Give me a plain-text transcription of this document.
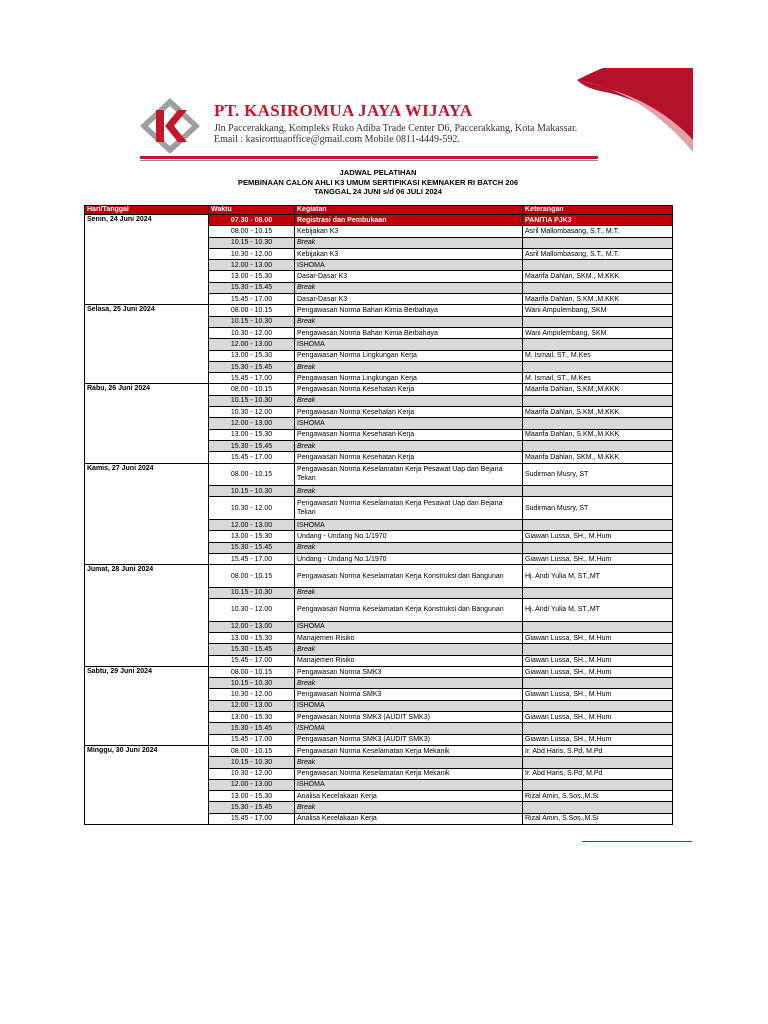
PT. KASIROMUA JAYA WIJAYA
Jln Paccerakkang, Kompleks Ruko Adiba Trade Center D6, Paccerakkang, Kota Makassar.
Email : kasiromuaoffice@gmail.com Mobile 0811-4449-592.
JADWAL PELATIHAN
PEMBINAAN CALON AHLI K3 UMUM SERTIFIKASI KEMNAKER RI BATCH 206
TANGGAL 24 JUNI s/d 06 JULI 2024
Hari/Tanggal	Waktu	Kegiatan	Keterangan
Senin, 24 Juni 2024	07.30 - 08.00	Registrasi dan Pembukaan	PANITIA PJK3
	08.00 - 10.15	Kebijakan K3	Asril Mallombasang, S.T., M.T.
	10.15 - 10.30	Break	
	10.30 - 12.00	Kebijakan K3	Asril Mallombasang, S.T., M.T.
	12.00 - 13.00	ISHOMA	
	13.00 - 15.30	Dasar-Dasar K3	Maarifa Dahlan, SKM., M.KKK
	15.30 - 15.45	Break	
	15.45 - 17.00	Dasar-Dasar K3	Maarifa Dahlan, S.KM.,M.KKK
Selasa, 25 Juni 2024	08.00 - 10.15	Pengawasan Norma Bahan Kimia Berbahaya	Wani Ampulembang, SKM
	10.15 - 10.30	Break	
	10.30 - 12.00	Pengawasan Norma Bahan Kimia Berbahaya	Wani Ampulembang, SKM
	12.00 - 13.00	ISHOMA	
	13.00 - 15.30	Pengawasan Norma Lingkungan Kerja	M. Ismail, ST., M.Kes
	15.30 - 15.45	Break	
	15.45 - 17.00	Pengawasan Norma Lingkungan Kerja	M. Ismail, ST., M.Kes
Rabu, 26 Juni 2024	08.00 - 10.15	Pengawasan Norma Kesehatan Kerja	Maarifa Dahlan, S.KM.,M.KKK
	10.15 - 10.30	Break	
	10.30 - 12.00	Pengawasan Norma Kesehatan Kerja	Maarifa Dahlan, S.KM.,M.KKK
	12.00 - 13.00	ISHOMA	
	13.00 - 15.30	Pengawasan Norma Kesehatan Kerja	Maarifa Dahlan, S.KM.,M.KKK
	15.30 - 15.45	Break	
	15.45 - 17.00	Pengawasan Norma Kesehatan Kerja	Maarifa Dahlan, SKM., M.KKK
Kamis, 27 Juni 2024	08.00 - 10.15	Pengawasan Norma Keselamatan Kerja Pesawat Uap dan Bejana Tekan	Sudirman Musry, ST
	10.15 - 10.30	Break	
	10.30 - 12.00	Pengawasan Norma Keselamatan Kerja Pesawat Uap dan Bejana Tekan	Sudirman Musry, ST
	12.00 - 13.00	ISHOMA	
	13.00 - 15.30	Undang - Undang No.1/1970	Giawan Lussa, SH., M.Hum
	15.30 - 15.45	Break	
	15.45 - 17.00	Undang - Undang No.1/1970	Giawan Lussa, SH., M.Hum
Jumat, 28 Juni 2024	08.00 - 10.15	Pengawasan Norma Keselamatan Kerja Konstruksi dan Bangunan	Hj. Andi Yulia M, ST.,MT
	10.15 - 10.30	Break	
	10.30 - 12.00	Pengawasan Norma Keselamatan Kerja Konstruksi dan Bangunan	Hj. Andi Yulia M, ST.,MT
	12.00 - 13.00	ISHOMA	
	13.00 - 15.30	Manajemen Risiko	Giawan Lussa, SH., M.Hum
	15.30 - 15.45	Break	
	15.45 - 17.00	Manajemen Risiko	Giawan Lussa, SH., M.Hum
Sabtu, 29 Juni 2024	08.00 - 10.15	Pengawasan Norma SMK3	Giawan Lussa, SH., M.Hum
	10.15 - 10.30	Break	
	10.30 - 12.00	Pengawasan Norma SMK3	Giawan Lussa, SH., M.Hum
	12.00 - 13.00	ISHOMA	
	13.00 - 15.30	Pengawasan Norma SMK3 (AUDIT SMK3)	Giawan Lussa, SH., M.Hum
	15.30 - 15.45	ISHOMA	
	15.45 - 17.00	Pengawasan Norma SMK3 (AUDIT SMK3)	Giawan Lussa, SH., M.Hum
Minggu, 30 Juni 2024	08.00 - 10.15	Pengawasan Norma Keselamatan Kerja Mekanik	Ir. Abd Haris, S.Pd, M.Pd
	10.15 - 10.30	Break	
	10.30 - 12.00	Pengawasan Norma Keselamatan Kerja Mekanik	Ir. Abd Haris, S.Pd, M.Pd
	12.00 - 13.00	ISHOMA	
	13.00 - 15.30	Analisa Kecelakaan Kerja	Rizal Amin, S.Sos.,M.Si
	15.30 - 15.45	Break	
	15.45 - 17.00	Analisa Kecelakaan Kerja	Rizal Amin, S.Sos.,M.Si
